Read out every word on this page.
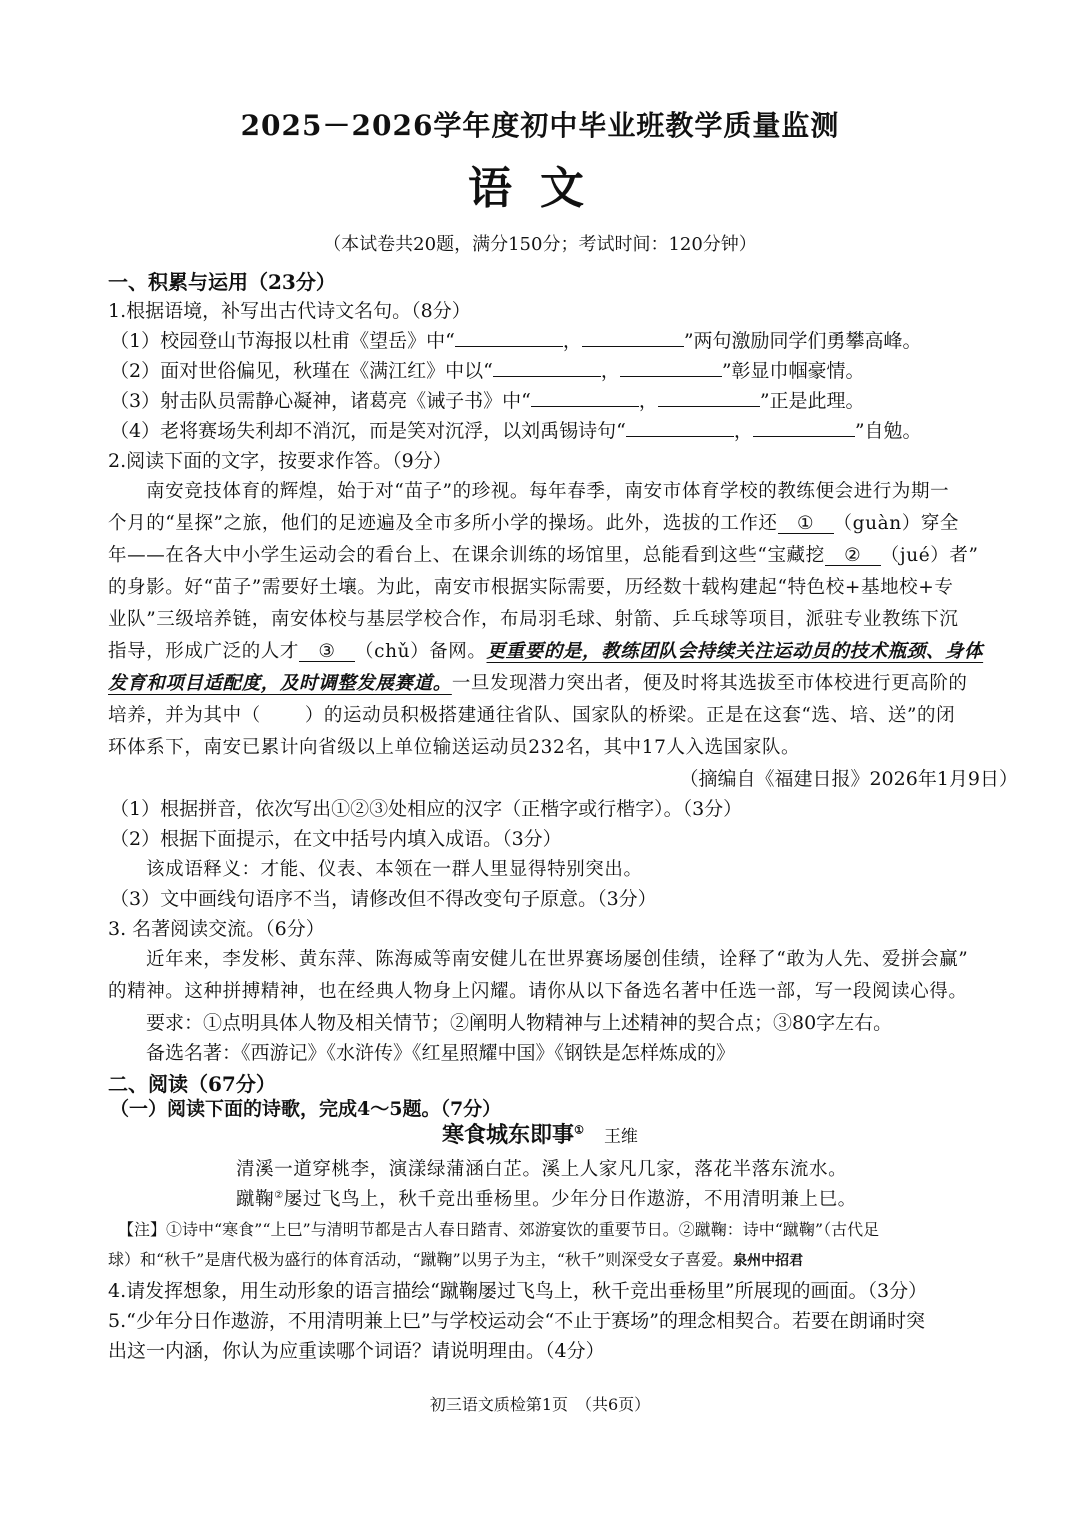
2025－2026学年度初中毕业班教学质量监测
语文
（本试卷共20题，满分150分；考试时间：120分钟）
一、积累与运用（23分）
1.根据语境，补写出古代诗文名句。（8分）
（1）校园登山节海报以杜甫《望岳》中“	，	”两句激励同学们勇攀高峰。
（2）面对世俗偏见，秋瑾在《满江红》中以“	，	”彰显巾帼豪情。
（3）射击队员需静心凝神，诸葛亮《诫子书》中“	，	”正是此理。
（4）老将赛场失利却不消沉，而是笑对沉浮，以刘禹锡诗句“	，	”自勉。
2.阅读下面的文字，按要求作答。（9分）
南安竞技体育的辉煌，始于对“苗子”的珍视。每年春季，南安市体育学校的教练便会进行为期一
个月的“星探”之旅，他们的足迹遍及全市多所小学的操场。此外，选拔的工作还 ① （guàn）穿全
年——在各大中小学生运动会的看台上、在课余训练的场馆里，总能看到这些“宝藏挖 ② （jué）者”
的身影。好“苗子”需要好土壤。为此，南安市根据实际需要，历经数十载构建起“特色校+基地校+专
业队”三级培养链，南安体校与基层学校合作，布局羽毛球、射箭、乒乓球等项目，派驻专业教练下沉
指导，形成广泛的人才 ③ （chǔ）备网。更重要的是，教练团队会持续关注运动员的技术瓶颈、身体
发育和项目适配度，及时调整发展赛道。一旦发现潜力突出者，便及时将其选拔至市体校进行更高阶的
培养，并为其中（ ）的运动员积极搭建通往省队、国家队的桥梁。正是在这套“选、培、送”的闭
环体系下，南安已累计向省级以上单位输送运动员232名，其中17人入选国家队。
（摘编自《福建日报》2026年1月9日）
（1）根据拼音，依次写出①②③处相应的汉字（正楷字或行楷字）。（3分）
（2）根据下面提示，在文中括号内填入成语。（3分）
该成语释义：才能、仪表、本领在一群人里显得特别突出。
（3）文中画线句语序不当，请修改但不得改变句子原意。（3分）
3. 名著阅读交流。（6分）
近年来，李发彬、黄东萍、陈海威等南安健儿在世界赛场屡创佳绩，诠释了“敢为人先、爱拼会赢”
的精神。这种拼搏精神，也在经典人物身上闪耀。请你从以下备选名著中任选一部，写一段阅读心得。
要求：①点明具体人物及相关情节；②阐明人物精神与上述精神的契合点；③80字左右。
备选名著：《西游记》《水浒传》《红星照耀中国》《钢铁是怎样炼成的》
二、阅读（67分）
（一）阅读下面的诗歌，完成4～5题。（7分）
寒食城东即事① 王维
清溪一道穿桃李，演漾绿蒲涵白芷。溪上人家凡几家，落花半落东流水。
蹴鞠②屡过飞鸟上，秋千竞出垂杨里。少年分日作遨游，不用清明兼上巳。
【注】①诗中“寒食”“上巳”与清明节都是古人春日踏青、郊游宴饮的重要节日。②蹴鞠：诗中“蹴鞠”（古代足
球）和“秋千”是唐代极为盛行的体育活动，“蹴鞠”以男子为主，“秋千”则深受女子喜爱。泉州中招君
4.请发挥想象，用生动形象的语言描绘“蹴鞠屡过飞鸟上，秋千竞出垂杨里”所展现的画面。（3分）
5.“少年分日作遨游，不用清明兼上巳”与学校运动会“不止于赛场”的理念相契合。若要在朗诵时突
出这一内涵，你认为应重读哪个词语？请说明理由。（4分）
初三语文质检第1页　（共6页）
